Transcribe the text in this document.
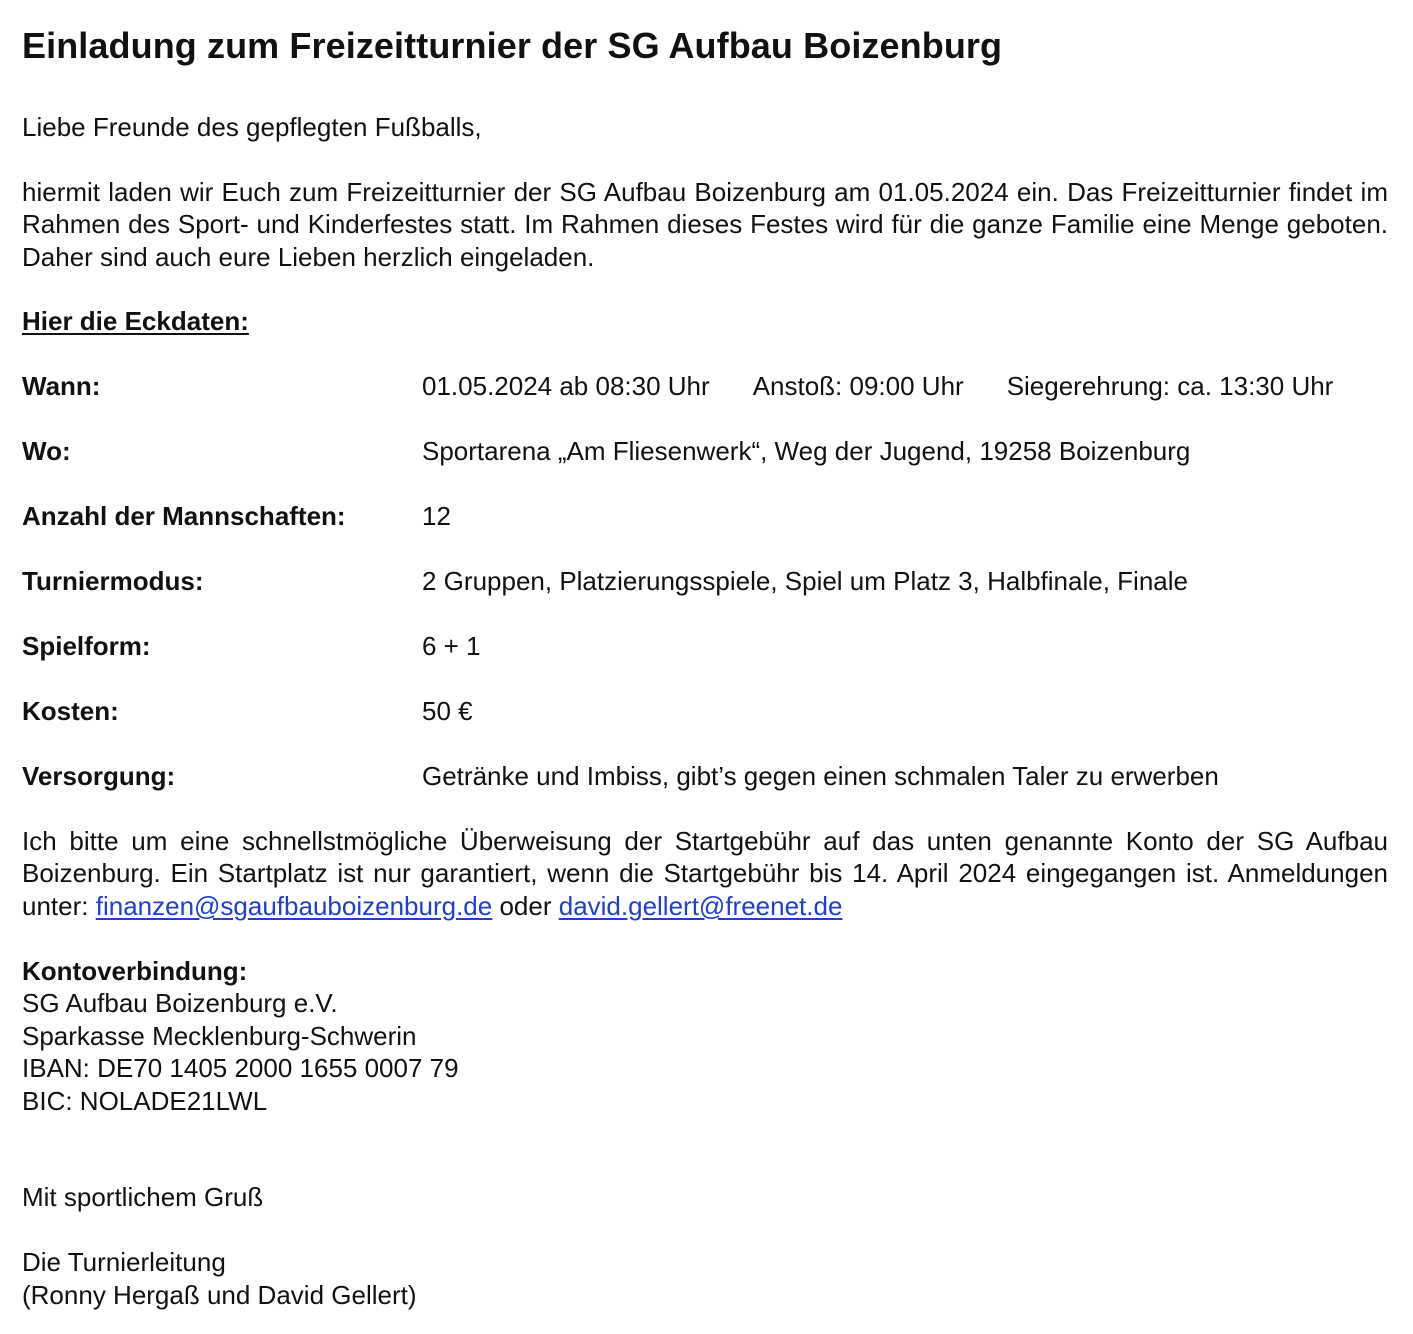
Einladung zum Freizeitturnier der SG Aufbau Boizenburg
Liebe Freunde des gepflegten Fußballs,
hiermit laden wir Euch zum Freizeitturnier der SG Aufbau Boizenburg am 01.05.2024 ein. Das Freizeitturnier findet im Rahmen des Sport- und Kinderfestes statt. Im Rahmen dieses Festes wird für die ganze Familie eine Menge geboten. Daher sind auch eure Lieben herzlich eingeladen.
Hier die Eckdaten:
Wann:	01.05.2024 ab 08:30 Uhr Anstoß: 09:00 Uhr Siegerehrung: ca. 13:30 Uhr
Wo:	Sportarena „Am Fliesenwerk“, Weg der Jugend, 19258 Boizenburg
Anzahl der Mannschaften:	12
Turniermodus:	2 Gruppen, Platzierungsspiele, Spiel um Platz 3, Halbfinale, Finale
Spielform:	6 + 1
Kosten:	50 €
Versorgung:	Getränke und Imbiss, gibt’s gegen einen schmalen Taler zu erwerben
Ich bitte um eine schnellstmögliche Überweisung der Startgebühr auf das unten genannte Konto der SG Aufbau Boizenburg. Ein Startplatz ist nur garantiert, wenn die Startgebühr bis 14. April 2024 eingegangen ist. Anmeldungen unter: finanzen@sgaufbauboizenburg.de oder david.gellert@freenet.de
Kontoverbindung:
SG Aufbau Boizenburg e.V.
Sparkasse Mecklenburg-Schwerin
IBAN: DE70 1405 2000 1655 0007 79
BIC: NOLADE21LWL
Mit sportlichem Gruß
Die Turnierleitung
(Ronny Hergaß und David Gellert)
